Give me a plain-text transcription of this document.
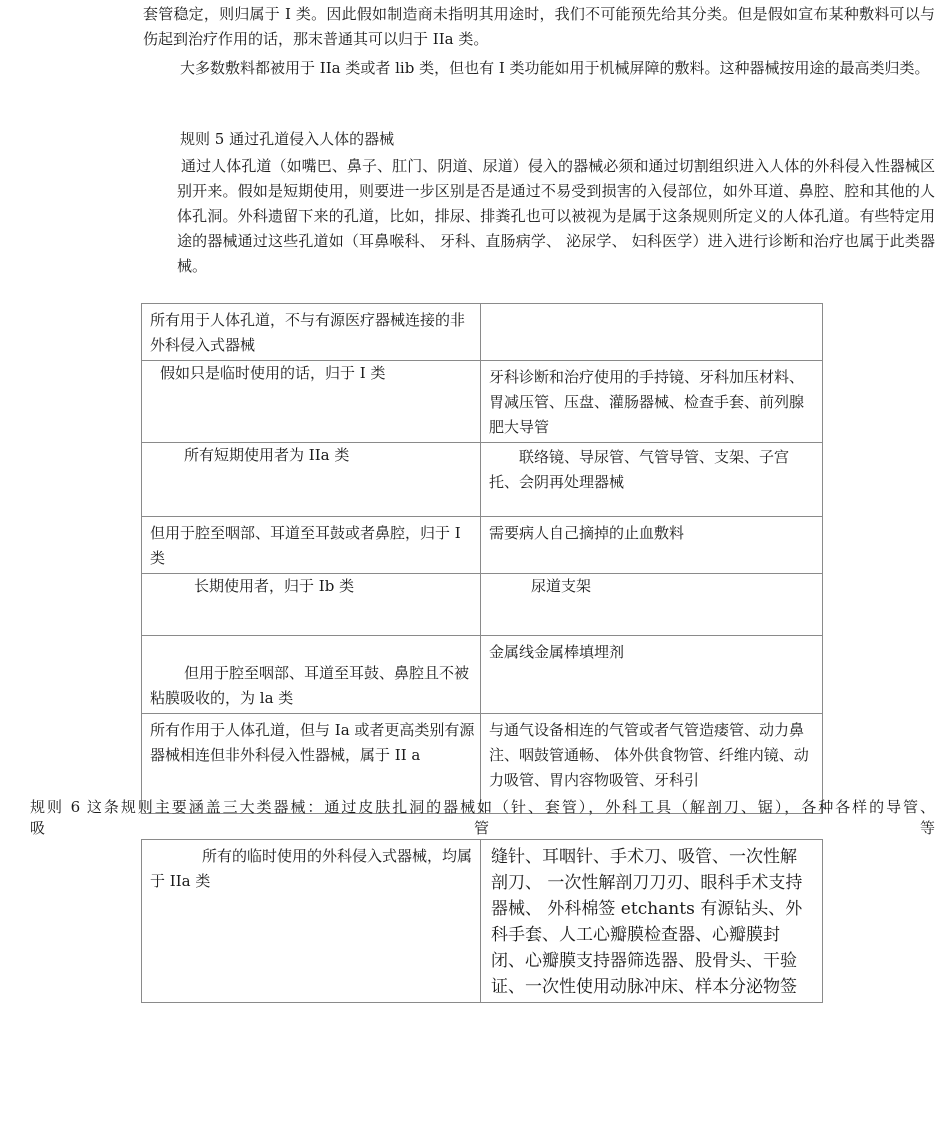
套管稳定，则归属于 I 类。因此假如制造商未指明其用途时，我们不可能预先给其分类。但是假如宣布某种敷料可以与伤起到治疗作用的话，那末普通其可以归于 IIa 类。

大多数敷料都被用于 IIa 类或者 lib 类，但也有 I 类功能如用于机械屏障的敷料。这种器械按用途的最高类归类。

规则 5 通过孔道侵入人体的器械

通过人体孔道（如嘴巴、鼻子、肛门、阴道、尿道）侵入的器械必须和通过切割组织进入人体的外科侵入性器械区别开来。假如是短期使用，则要进一步区别是否是通过不易受到损害的入侵部位，如外耳道、鼻腔、腔和其他的人体孔洞。外科遗留下来的孔道，比如，排尿、排粪孔也可以被视为是属于这条规则所定义的人体孔道。有些特定用途的器械通过这些孔道如（耳鼻喉科、 牙科、直肠病学、 泌尿学、 妇科医学）进入进行诊断和治疗也属于此类器械。

所有用于人体孔道，不与有源医疗器械连接的非外科侵入式器械	
假如只是临时使用的话，归于 I 类	牙科诊断和治疗使用的手持镜、牙科加压材料、 胃减压管、压盘、灌肠器械、检查手套、前列腺肥大导管
所有短期使用者为 IIa 类	联络镜、导尿管、气管导管、支架、子宫托、会阴再处理器械
但用于腔至咽部、耳道至耳鼓或者鼻腔，归于 I 类	需要病人自己摘掉的止血敷料
长期使用者，归于 Ib 类	尿道支架
但用于腔至咽部、耳道至耳鼓、鼻腔且不被粘膜吸收的，为 la 类	金属线金属棒填埋剂
所有作用于人体孔道，但与 Ia 或者更高类别有源器械相连但非外科侵入性器械，属于 II a	与通气设备相连的气管或者气管造瘘管、动力鼻注、咽鼓管通畅、 体外供食物管、纤维内镜、动力吸管、胃内容物吸管、牙科引

规则 6 这条规则主要涵盖三大类器械：通过皮肤扎洞的器械如（针、套管），外科工具（解剖刀、锯），各种各样的导管、

吸	管	等
所有的临时使用的外科侵入式器械，均属于 IIa 类	缝针、耳咽针、手术刀、吸管、一次性解剖刀、 一次性解剖刀刀刃、眼科手术支持器械、 外科棉签 etchants 有源钻头、外科手套、人工心瓣膜检查器、心瓣膜封闭、心瓣膜支持器筛选器、股骨头、干验证、一次性使用动脉冲床、样本分泌物签
